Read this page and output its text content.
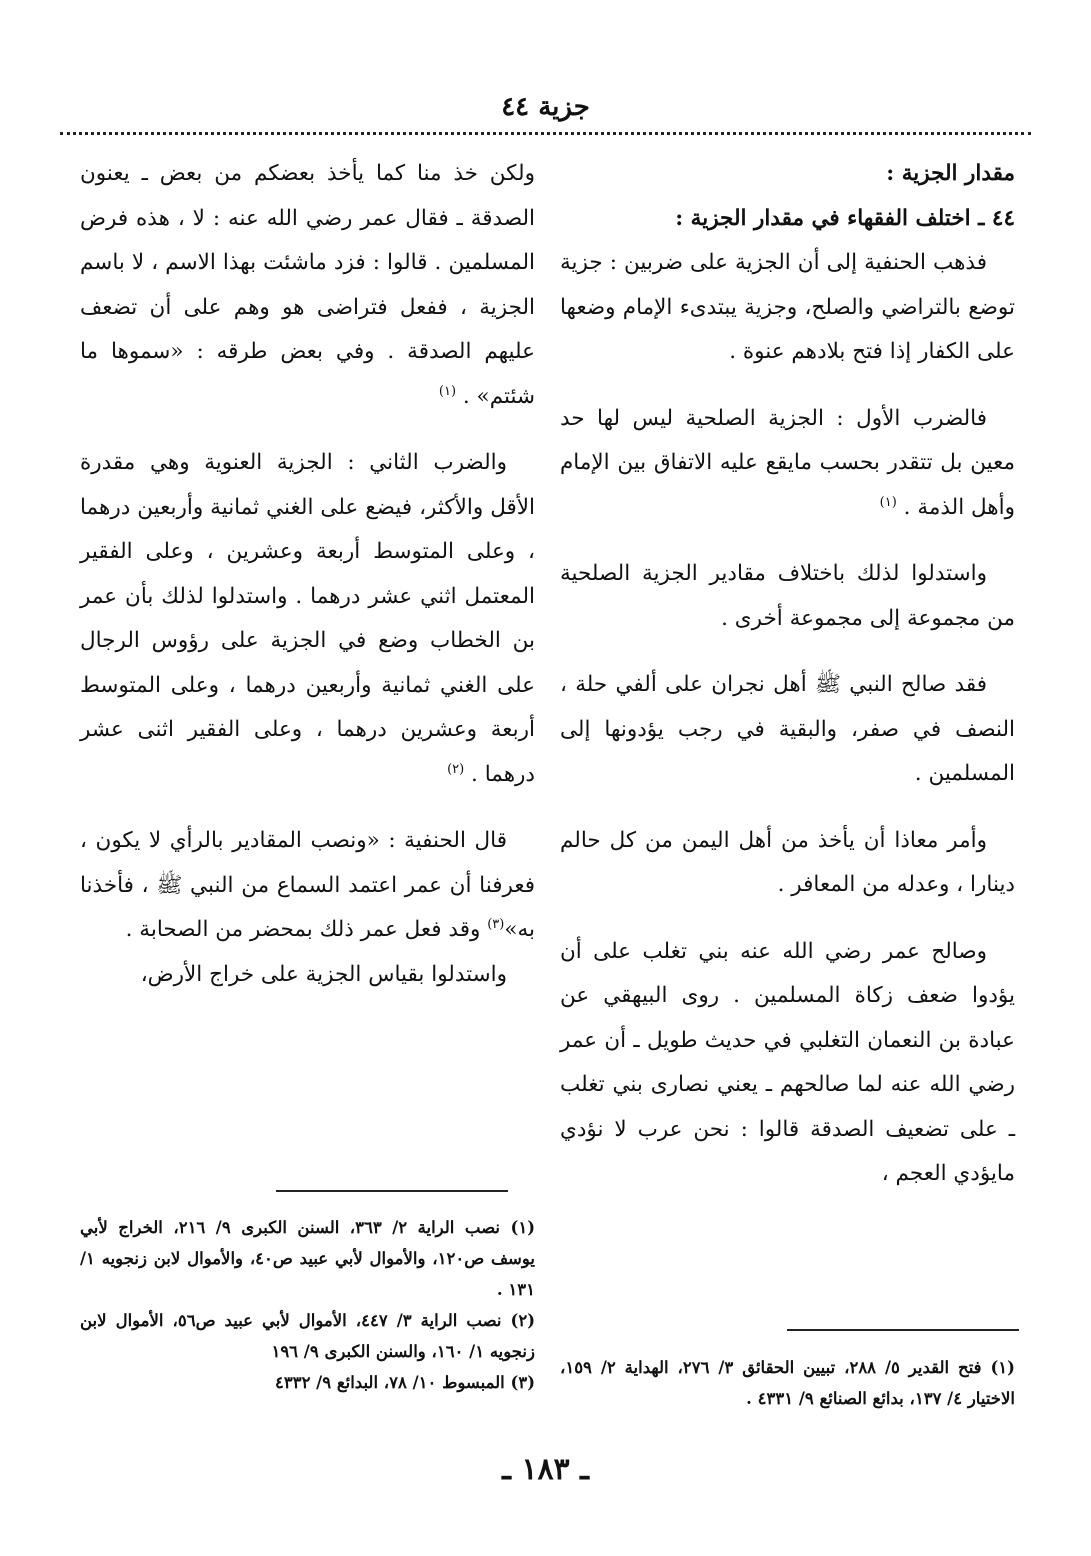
جزية ٤٤

مقدار الجزية :

٤٤ ـ اختلف الفقهاء في مقدار الجزية :

فذهب الحنفية إلى أن الجزية على ضربين : جزية توضع بالتراضي والصلح، وجزية يبتدىء الإمام وضعها على الكفار إذا فتح بلادهم عنوة .

فالضرب الأول : الجزية الصلحية ليس لها حد معين بل تتقدر بحسب مايقع عليه الاتفاق بين الإمام وأهل الذمة . $^{(١)}$

واستدلوا لذلك باختلاف مقادير الجزية الصلحية من مجموعة إلى مجموعة أخرى .

فقد صالح النبي ﷺ أهل نجران على ألفي حلة ، النصف في صفر، والبقية في رجب يؤدونها إلى المسلمين .

وأمر معاذا أن يأخذ من أهل اليمن من كل حالم دينارا ، وعدله من المعافر .

وصالح عمر رضي الله عنه بني تغلب على أن يؤدوا ضعف زكاة المسلمين . روى البيهقي عن عبادة بن النعمان التغلبي في حديث طويل ـ أن عمر رضي الله عنه لما صالحهم ـ يعني نصارى بني تغلب ـ على تضعيف الصدقة قالوا : نحن عرب لا نؤدي مايؤدي العجم ،

ولكن خذ منا كما يأخذ بعضكم من بعض ـ يعنون الصدقة ـ فقال عمر رضي الله عنه : لا ، هذه فرض المسلمين . قالوا : فزد ماشئت بهذا الاسم ، لا باسم الجزية ، ففعل فتراضى هو وهم على أن تضعف عليهم الصدقة . وفي بعض طرقه : «سموها ما شئتم» . $^{(١)}$

والضرب الثاني : الجزية العنوية وهي مقدرة الأقل والأكثر، فيضع على الغني ثمانية وأربعين درهما ، وعلى المتوسط أربعة وعشرين ، وعلى الفقير المعتمل اثني عشر درهما . واستدلوا لذلك بأن عمر بن الخطاب وضع في الجزية على رؤوس الرجال على الغني ثمانية وأربعين درهما ، وعلى المتوسط أربعة وعشرين درهما ، وعلى الفقير اثنى عشر درهما . $^{(٢)}$

قال الحنفية : «ونصب المقادير بالرأي لا يكون ، فعرفنا أن عمر اعتمد السماع من النبي ﷺ ، فأخذنا به»$^{(٣)}$ وقد فعل عمر ذلك بمحضر من الصحابة .

واستدلوا بقياس الجزية على خراج الأرض،

(١) نصب الراية ٢/ ٣٦٣، السنن الكبرى ٩/ ٢١٦، الخراج لأبي يوسف ص١٢٠، والأموال لأبي عبيد ص٤٠، والأموال لابن زنجويه ١/ ١٣١ .

(٢) نصب الراية ٣/ ٤٤٧، الأموال لأبي عبيد ص٥٦، الأموال لابن زنجويه ١/ ١٦٠، والسنن الكبرى ٩/ ١٩٦

(٣) المبسوط ١٠/ ٧٨، البدائع ٩/ ٤٣٣٢

(١) فتح القدير ٥/ ٢٨٨، تبيين الحقائق ٣/ ٢٧٦، الهداية ٢/ ١٥٩، الاختيار ٤/ ١٣٧، بدائع الصنائع ٩/ ٤٣٣١ .

ـ ١٨٣ ـ
